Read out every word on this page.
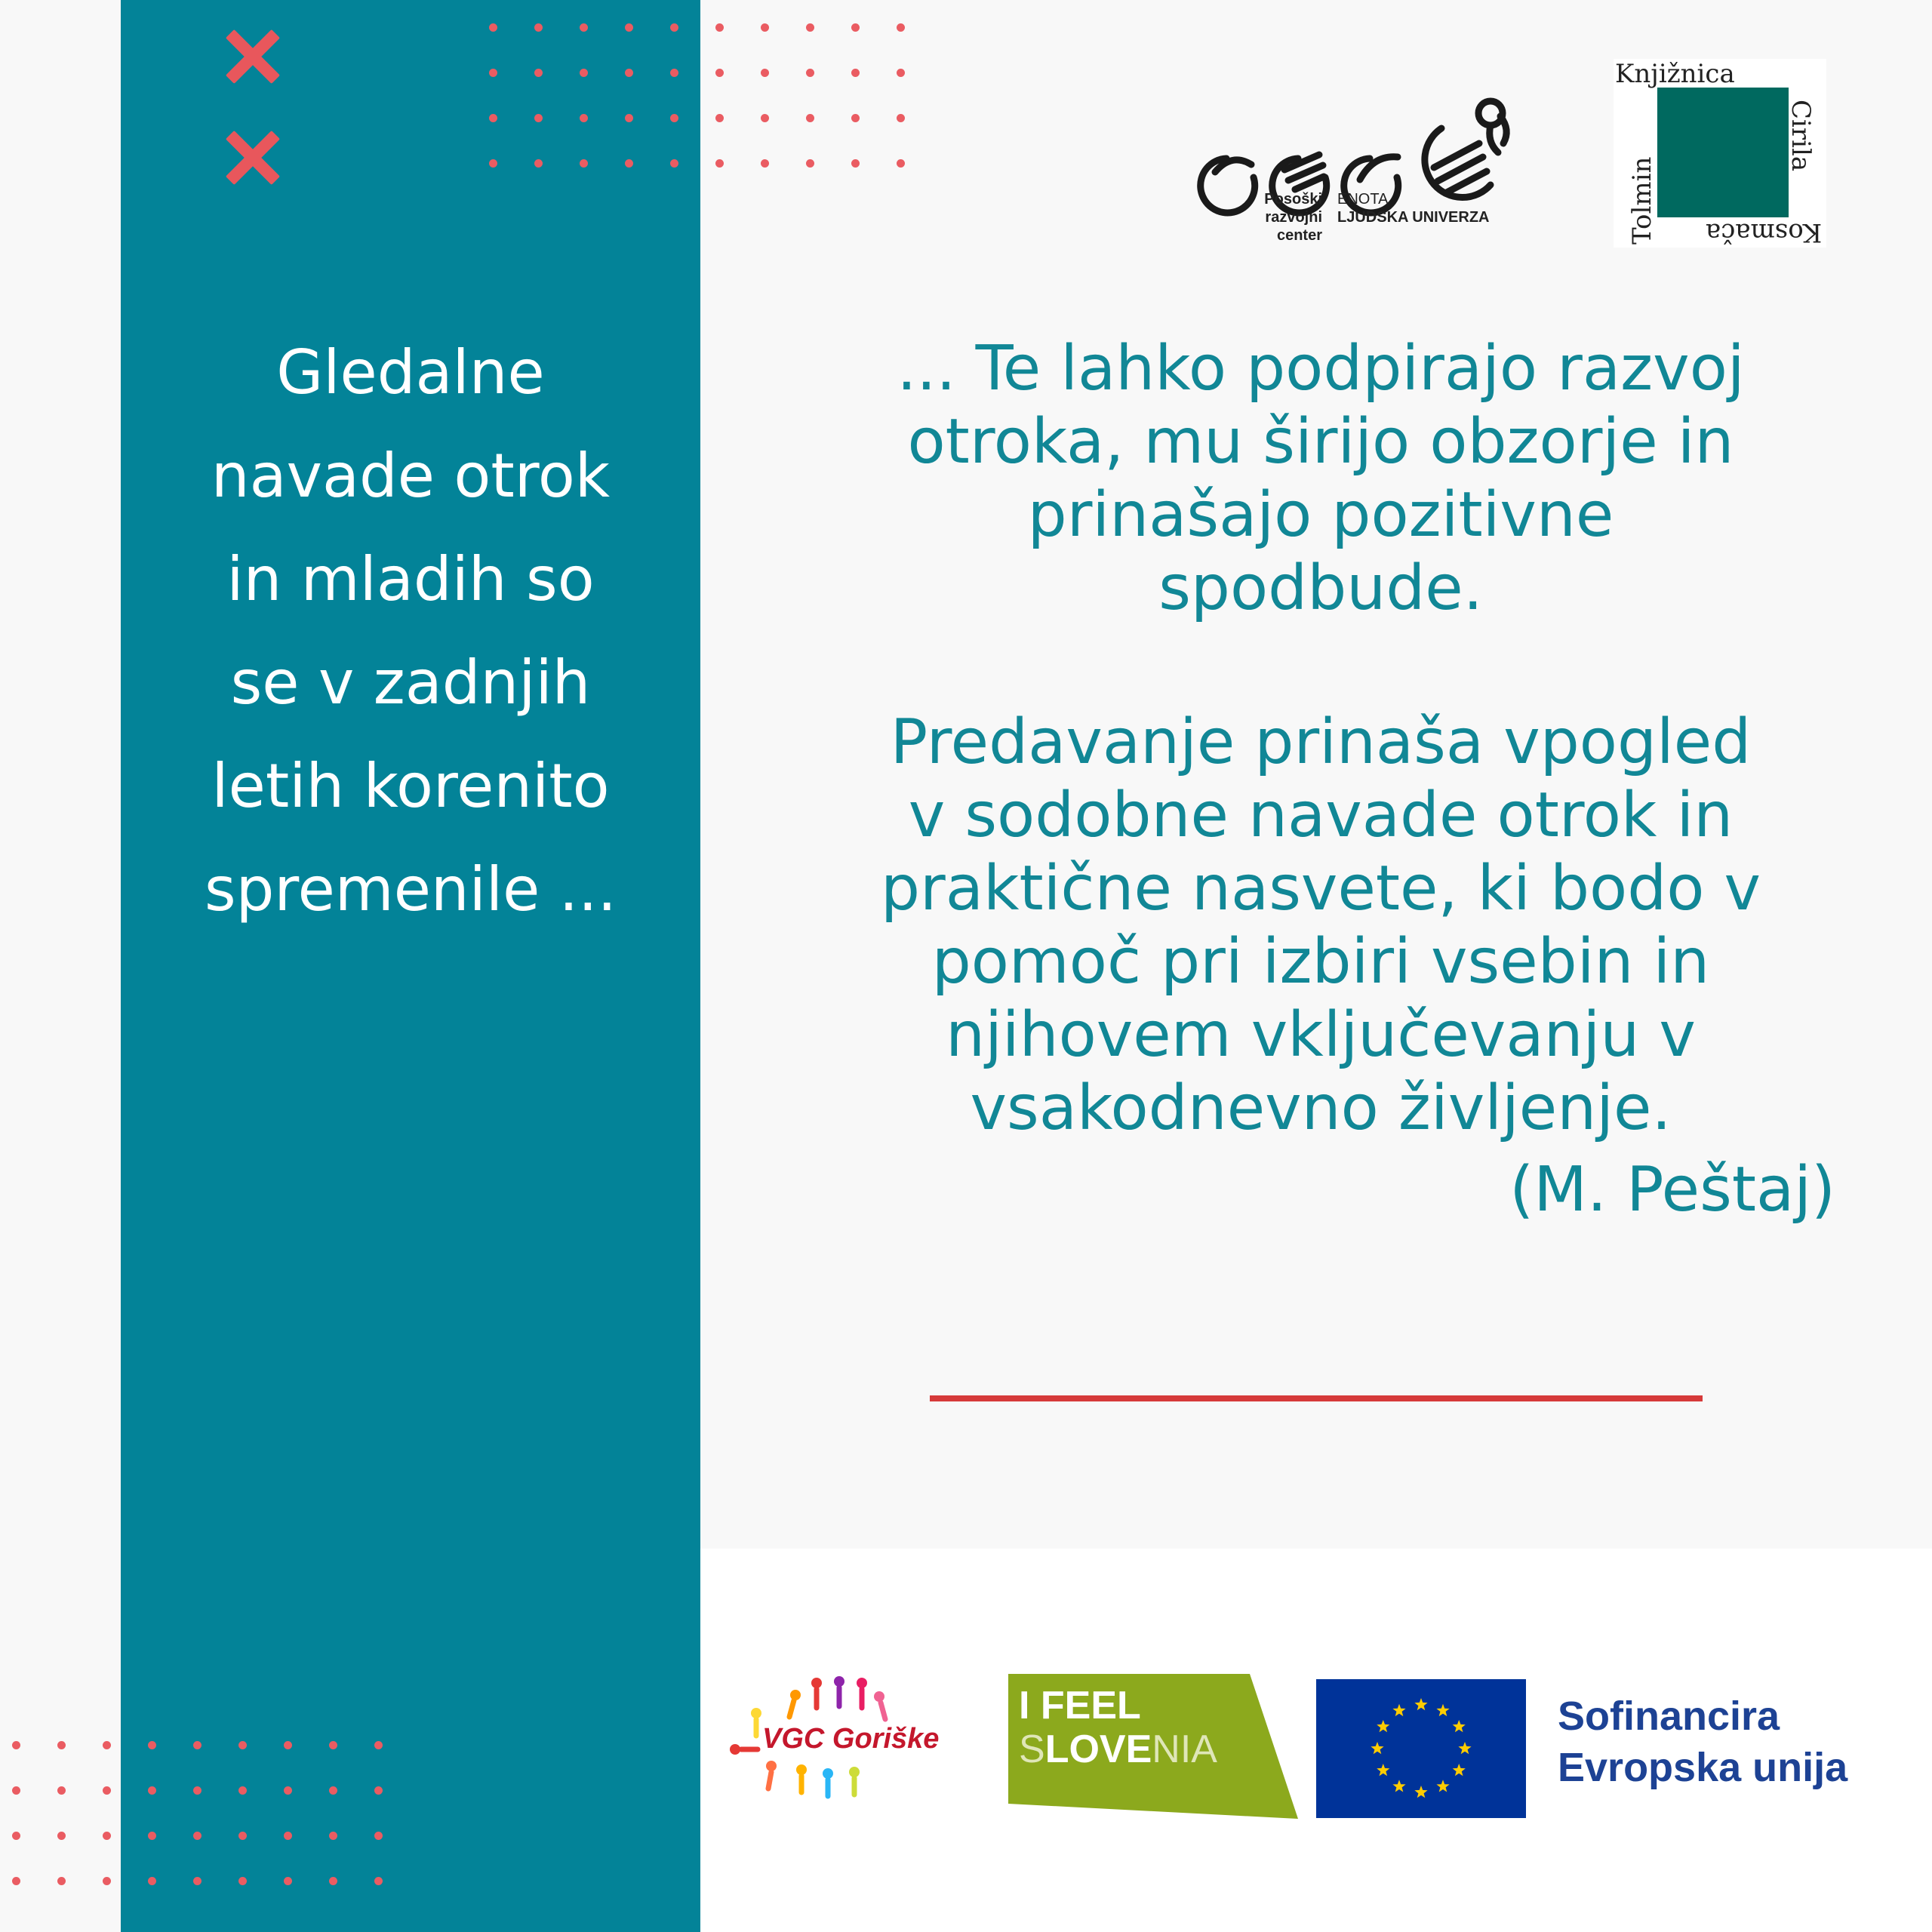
Gledalne
navade otrok
in mladih so
se v zadnjih
letih korenito
spremenile ...
... Te lahko podpirajo razvoj
otroka, mu širijo obzorje in
prinašajo pozitivne
spodbude.
Predavanje prinaša vpogled
v sodobne navade otrok in
praktične nasvete, ki bodo v
pomoč pri izbiri vsebin in
njihovem vključevanju v
vsakodnevno življenje.
(M. Peštaj)
Posoški
razvojni center
ENOTA
LJUDSKA UNIVERZA
Knjižnica
Cirila
Kosmača
Tolmin
VGC Goriške
I FEEL
SLOVENIA
Sofinancira
Evropska unija
